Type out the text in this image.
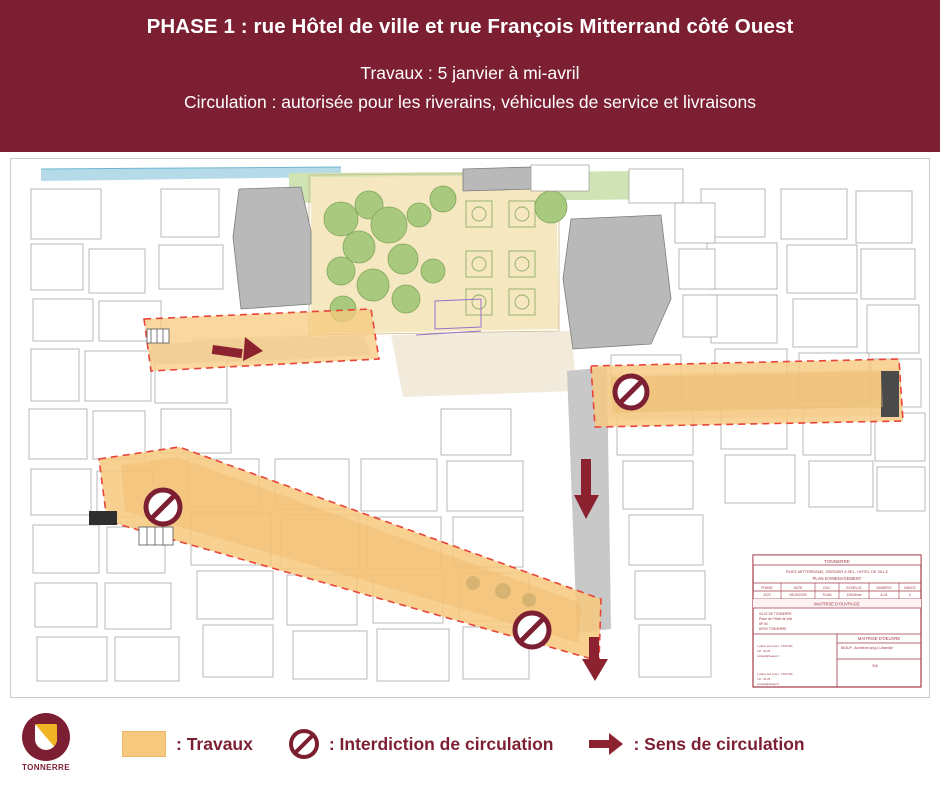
PHASE 1 : rue Hôtel de ville et rue François Mitterrand côté Ouest
Travaux : 5 janvier à mi-avril
Circulation : autorisée pour les riverains, véhicules de service et livraisons
TONNERRE
RUES MITTERRAND, GRENIER A SEL, HOTEL DE VILLE
PLAN D'AMENAGEMENT
PHASE	DATE	DOC	ECHELLE	NUMERO	INDICE
2022	06/10/2025	PLAN	1/500ème	A-01	0
MAITRISE D'OUVRAGE
VILLE DE TONNERRE
Place de l'Hôtel de Ville
BP 84
89700 TONNERRE
MAITRISE D'OEUVRE
BEAUP - Architecte dplg & Urbaniste
SIA
1 place des Lices - TROYES
Tél : 03 25 ...
contact@beaup.fr
1 place des Lices - TROYES
Tél : 03 25 ...
contact@beaup.fr
TONNERRE
: Travaux	: Interdiction de circulation	: Sens de circulation
